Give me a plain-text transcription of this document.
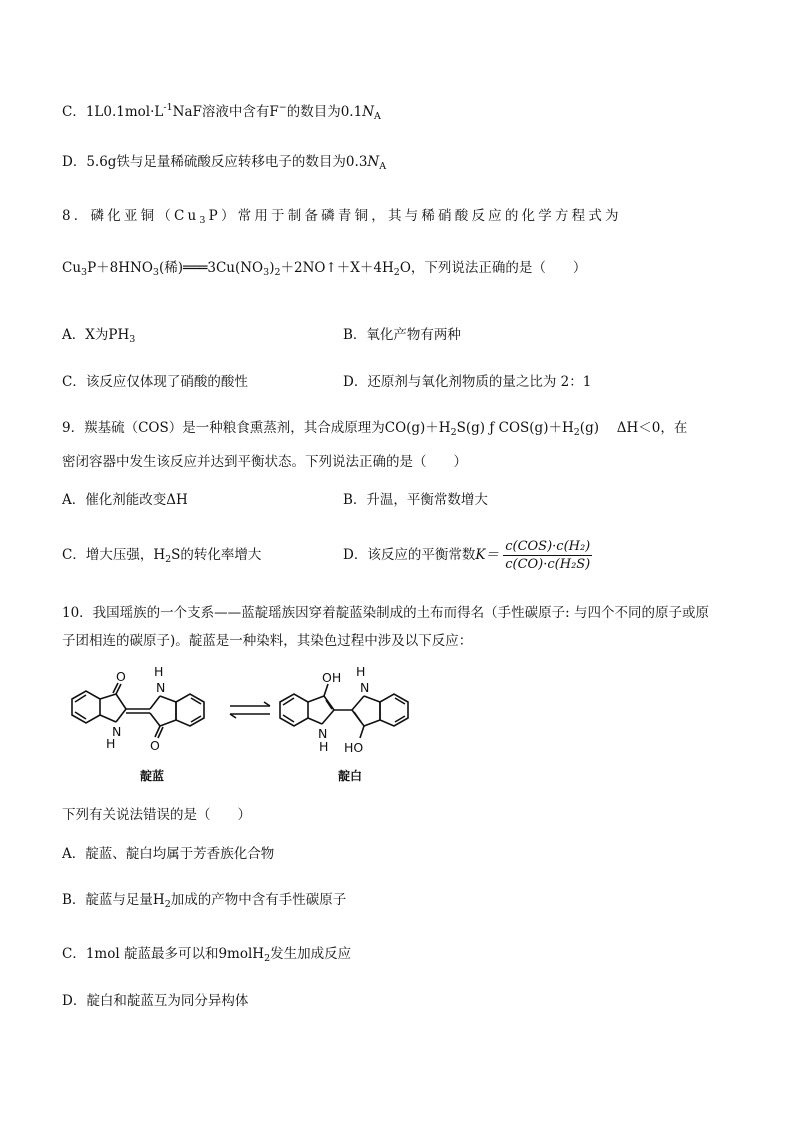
C．$1L0.1mol\cdot L^{-1}NaF$溶液中含有F−的数目为$0.1N_A$
D．5.6g铁与足量稀硫酸反应转移电子的数目为$0.3N_A$
8．磷化亚铜$(Cu_3P)$常用于制备磷青铜，其与稀硝酸反应的化学方程式为
$Cu_3P+8HNO_3$(稀)$═══3Cu(NO_3)_2+2NO↑+X+4H_2O$，下列说法正确的是（　　）
A．X为$PH_3$	B．氧化产物有两种
C．该反应仅体现了硝酸的酸性	D．还原剂与氧化剂物质的量之比为 2：1
9．羰基硫（COS）是一种粮食熏蒸剂，其合成原理为$CO(g)+H_2S(g)$ ƒ $COS(g)+H_2(g)$　 ΔH＜0，在
密闭容器中发生该反应并达到平衡状态。下列说法正确的是（　　）
A．催化剂能改变ΔH	B．升温，平衡常数增大
C．增大压强，$H_2S$的转化率增大	D．该反应的平衡常数$K= \frac{\text{c(COS)·c(H₂)}}{\text{c(CO)·c(H₂S)}}$
10．我国瑶族的一个支系——蓝靛瑶族因穿着靛蓝染制成的土布而得名（手性碳原子: 与四个不同的原子或原
子团相连的碳原子)。靛蓝是一种染料，其染色过程中涉及以下反应：
O
N
H
H
N
O
OH
N
H
H
N
HO
靛蓝	靛白
下列有关说法错误的是（　　）
A．靛蓝、靛白均属于芳香族化合物
B．靛蓝与足量$H_2$加成的产物中含有手性碳原子
C．1mol 靛蓝最多可以和9molH$_2$发生加成反应
D．靛白和靛蓝互为同分异构体
